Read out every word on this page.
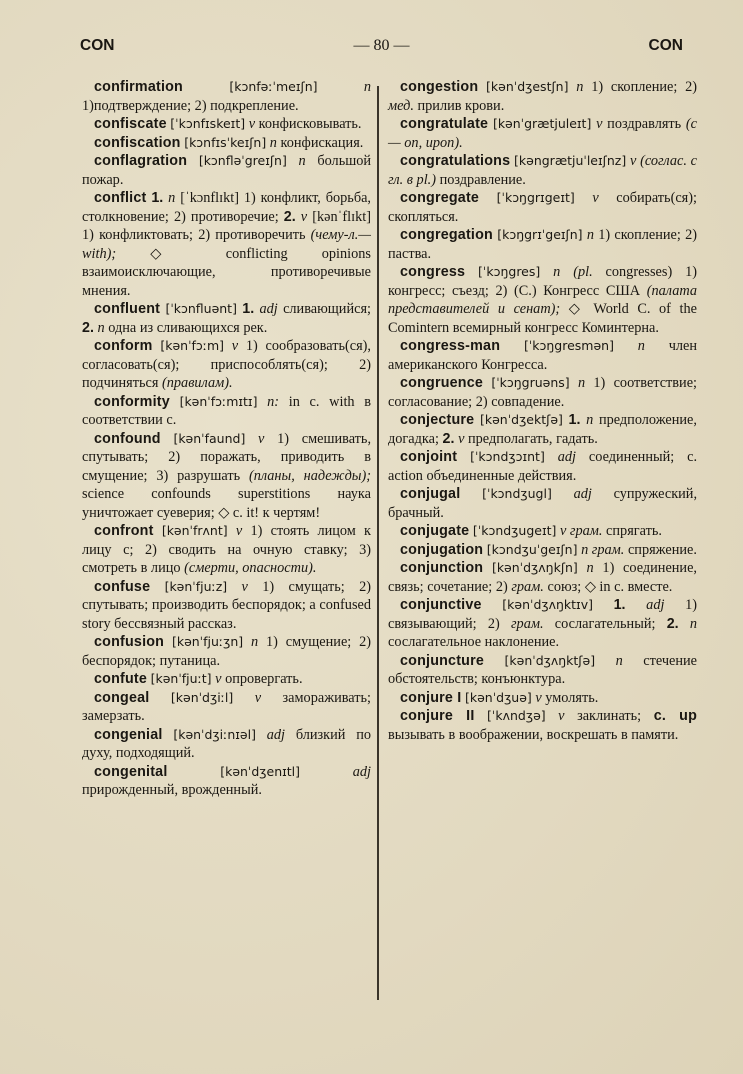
CON	— 80 —	CON

confirmation	[kɔnfəːˈmeɪʃn]	n 1)подтверждение; 2) подкрепление.

confiscate [ˈkɔnfɪskeɪt] v конфисковывать.

confiscation [kɔnfɪsˈkeɪʃn] n конфискация.

conflagration [kɔnfləˈgreɪʃn] n большой пожар.

conflict 1. n [ˈkɔnflɪkt] 1) конфликт, борьба, столкновение; 2) противоречие; 2. v [kənˈflɪkt] 1) конфликтовать; 2) противоречить (чему-л.— with); ◇ conflicting opinions взаимоисключающие, противоречивые мнения.

confluent [ˈkɔnfluənt] 1. adj сливающийся; 2. n одна из сливающихся рек.

conform [kənˈfɔːm] v 1) сообразовать(ся), согласовать(ся); приспособлять(ся); 2) подчиняться (правилам).

conformity [kənˈfɔːmɪtɪ] n: in c. with в соответствии с.

confound [kənˈfaund] v 1) смешивать, спутывать; 2) поражать, приводить в смущение; 3) разрушать (планы, надежды); science confounds superstitions наука уничтожает суеверия; ◇ c. it! к чертям!

confront [kənˈfrʌnt] v 1) стоять лицом к лицу с; 2) сводить на очную ставку; 3) смотреть в лицо (смерти, опасности).

confuse [kənˈfjuːz] v 1) смущать; 2) спутывать; производить беспорядок; a confused story бессвязный рассказ.

confusion [kənˈfjuːʒn] n 1) смущение; 2) беспорядок; путаница.

confute [kənˈfjuːt] v опровергать.

congeal [kənˈdʒiːl] v замораживать; замерзать.

congenial [kənˈdʒiːnɪəl] adj близкий по духу, подходящий.

congenital	[kənˈdʒenɪtl]	adj прирожденный, врожденный.

congestion [kənˈdʒestʃn] n 1) скопление; 2) мед. прилив крови.

congratulate [kənˈgrætjuleɪt] v поздравлять (с — on, upon).

congratulations [kəngrætjuˈleɪʃnz] v (соглас. с гл. в pl.) поздравление.

congregate [ˈkɔŋgrɪgeɪt] v собирать(ся); скопляться.

congregation [kɔŋgrɪˈgeɪʃn] n 1) скопление; 2) паства.

congress [ˈkɔŋgres] n (pl. congresses) 1) конгресс; съезд; 2) (C.) Конгресс США (палата представителей и сенат); ◇ World C. of the Comintern всемирный конгресс Коминтерна.

congress-man [ˈkɔŋgresmən] n член американского Конгресса.

congruence [ˈkɔŋgruəns] n 1) соответствие; согласование; 2) совпадение.

conjecture [kənˈdʒektʃə] 1. n предположение, догадка; 2. v предполагать, гадать.

conjoint [ˈkɔndʒɔɪnt] adj соединенный; c. action объединенные действия.

conjugal [ˈkɔndʒugl] adj супружеский, брачный.

conjugate [ˈkɔndʒugeɪt] v грам. спрягать.

conjugation [kɔndʒuˈgeɪʃn] n грам. спряжение.

conjunction [kənˈdʒʌŋkʃn] n 1) соединение, связь; сочетание; 2) грам. союз; ◇ in c. вместе.

conjunctive [kənˈdʒʌŋktɪv] 1. adj 1) связывающий; 2) грам. сослагательный; 2. n сослагательное наклонение.

conjuncture [kənˈdʒʌŋktʃə] n стечение обстоятельств; конъюнктура.

conjure I [kənˈdʒuə] v умолять.

conjure II [ˈkʌndʒə] v заклинать; c. up вызывать в воображении, воскрешать в памяти.
